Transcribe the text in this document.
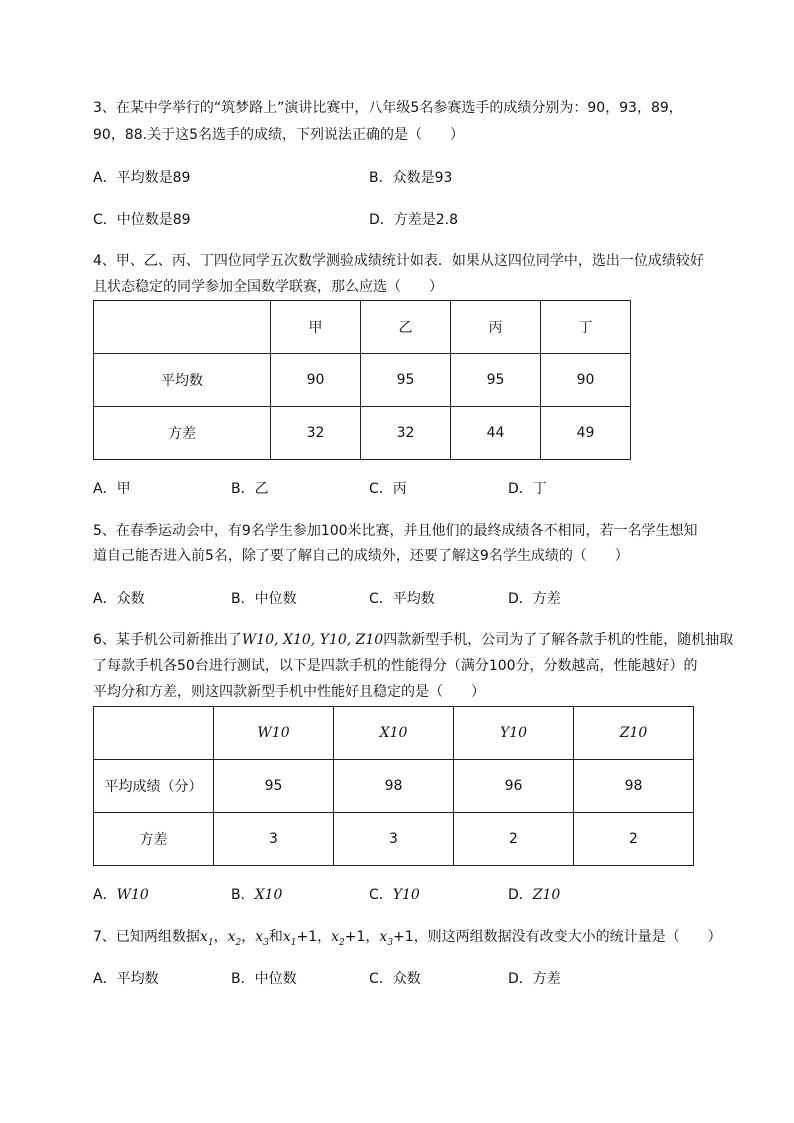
3、在某中学举行的“筑梦路上”演讲比赛中，八年级5名参赛选手的成绩分别为：90，93，89，
90，88.关于这5名选手的成绩，下列说法正确的是（　　）
A．平均数是89	B．众数是93
C．中位数是89	D．方差是2.8
4、甲、乙、丙、丁四位同学五次数学测验成绩统计如表．如果从这四位同学中，选出一位成绩较好
且状态稳定的同学参加全国数学联赛，那么应选（　　）
	甲	乙	丙	丁
平均数	90	95	95	90
方差	32	32	44	49
A．甲	B．乙	C．丙	D．丁
5、在春季运动会中，有9名学生参加100米比赛，并且他们的最终成绩各不相同，若一名学生想知
道自己能否进入前5名，除了要了解自己的成绩外，还要了解这9名学生成绩的（　　）
A．众数	B．中位数	C．平均数	D．方差
6、某手机公司新推出了W10, X10, Y10, Z10四款新型手机，公司为了了解各款手机的性能，随机抽取
了每款手机各50台进行测试，以下是四款手机的性能得分（满分100分，分数越高，性能越好）的
平均分和方差，则这四款新型手机中性能好且稳定的是（　　）
	W10	X10	Y10	Z10
平均成绩（分）	95	98	96	98
方差	3	3	2	2
A．W10	B．X10	C．Y10	D．Z10
7、已知两组数据$x_1$，$x_2$，$x_3$和$x_1+1$，$x_2+1$，$x_3+1$，则这两组数据没有改变大小的统计量是（　　）
A．平均数	B．中位数	C．众数	D．方差
